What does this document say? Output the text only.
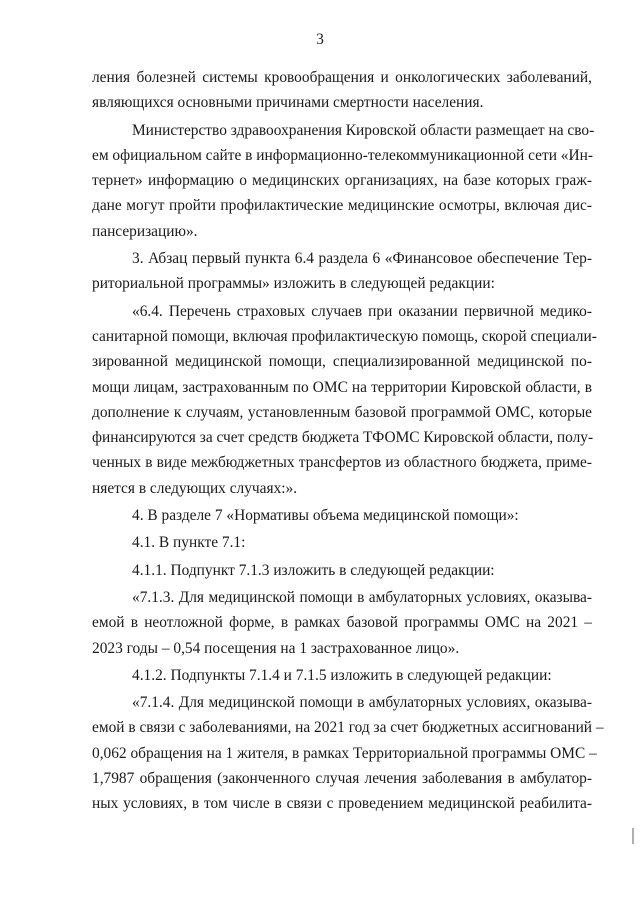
3
ления болезней системы кровообращения и онкологических заболеваний,
являющихся основными причинами смертности населения.
Министерство здравоохранения Кировской области размещает на сво-
ем официальном сайте в информационно-телекоммуникационной сети «Ин-
тернет» информацию о медицинских организациях, на базе которых граж-
дане могут пройти профилактические медицинские осмотры, включая дис-
пансеризацию».
3. Абзац первый пункта 6.4 раздела 6 «Финансовое обеспечение Тер-
риториальной программы» изложить в следующей редакции:
«6.4. Перечень страховых случаев при оказании первичной медико-
санитарной помощи, включая профилактическую помощь, скорой специали-
зированной медицинской помощи, специализированной медицинской по-
мощи лицам, застрахованным по ОМС на территории Кировской области, в
дополнение к случаям, установленным базовой программой ОМС, которые
финансируются за счет средств бюджета ТФОМС Кировской области, полу-
ченных в виде межбюджетных трансфертов из областного бюджета, приме-
няется в следующих случаях:».
4. В разделе 7 «Нормативы объема медицинской помощи»:
4.1. В пункте 7.1:
4.1.1. Подпункт 7.1.3 изложить в следующей редакции:
«7.1.3. Для медицинской помощи в амбулаторных условиях, оказыва-
емой в неотложной форме, в рамках базовой программы ОМС на 2021 –
2023 годы – 0,54 посещения на 1 застрахованное лицо».
4.1.2. Подпункты 7.1.4 и 7.1.5 изложить в следующей редакции:
«7.1.4. Для медицинской помощи в амбулаторных условиях, оказыва-
емой в связи с заболеваниями, на 2021 год за счет бюджетных ассигнований –
0,062 обращения на 1 жителя, в рамках Территориальной программы ОМС –
1,7987 обращения (законченного случая лечения заболевания в амбулатор-
ных условиях, в том числе в связи с проведением медицинской реабилита-
